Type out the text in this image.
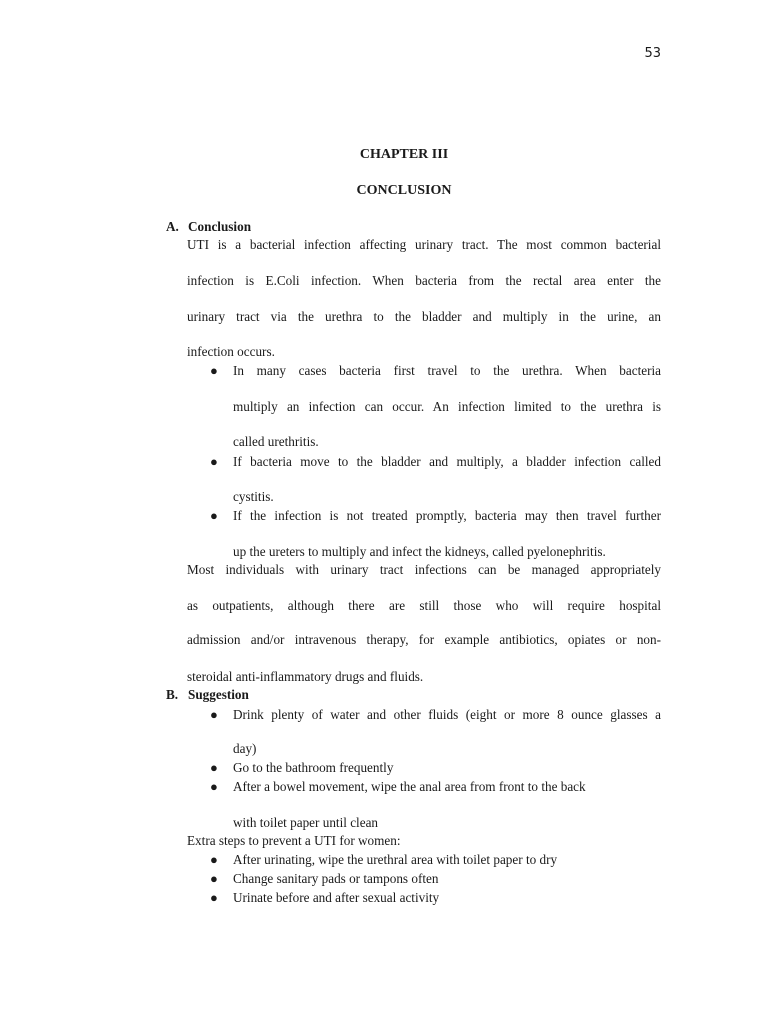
53
CHAPTER III
CONCLUSION
A. Conclusion
UTI is a bacterial infection affecting urinary tract. The most common bacterial
infection is E.Coli infection. When bacteria from the rectal area enter the
urinary tract via the urethra to the bladder and multiply in the urine, an
infection occurs.
● In many cases bacteria first travel to the urethra. When bacteria
multiply an infection can occur. An infection limited to the urethra is
called urethritis.
● If bacteria move to the bladder and multiply, a bladder infection called
cystitis.
● If the infection is not treated promptly, bacteria may then travel further
up the ureters to multiply and infect the kidneys, called pyelonephritis.
Most individuals with urinary tract infections can be managed appropriately
as outpatients, although there are still those who will require hospital
admission and/or intravenous therapy, for example antibiotics, opiates or non-
steroidal anti-inflammatory drugs and fluids.
B. Suggestion
● Drink plenty of water and other fluids (eight or more 8 ounce glasses a
day)
● Go to the bathroom frequently
● After a bowel movement, wipe the anal area from front to the back
with toilet paper until clean
Extra steps to prevent a UTI for women:
● After urinating, wipe the urethral area with toilet paper to dry
● Change sanitary pads or tampons often
● Urinate before and after sexual activity
